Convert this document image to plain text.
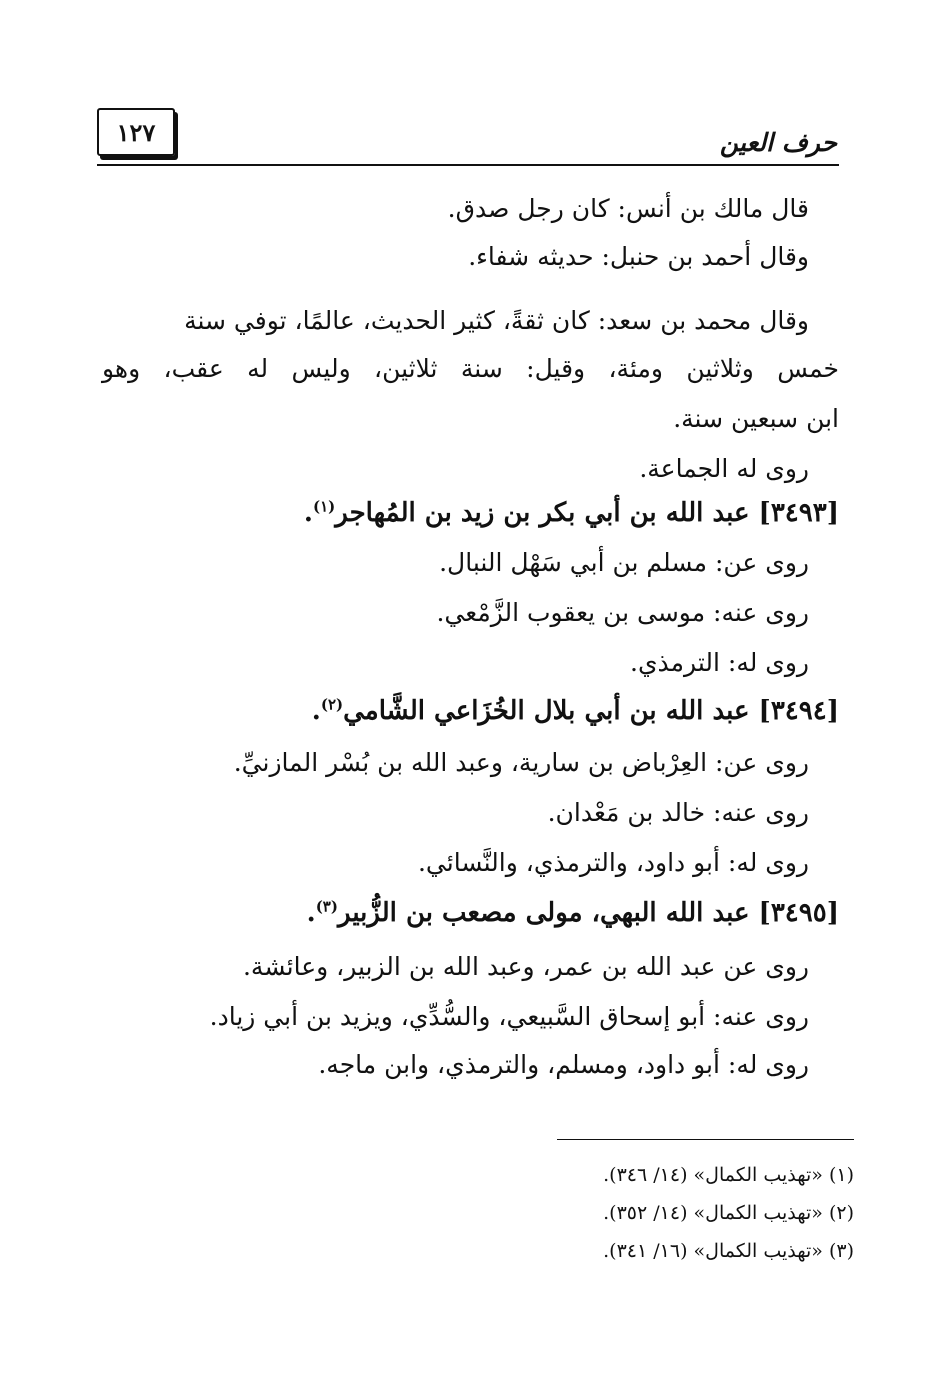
١٢٧	حرف العين
قال مالك بن أنس: كان رجل صدق.
وقال أحمد بن حنبل: حديثه شفاء.
وقال محمد بن سعد: كان ثقةً، كثير الحديث، عالمًا، توفي سنة
خمس وثلاثين ومئة، وقيل: سنة ثلاثين، وليس له عقب، وهو
ابن سبعين سنة.
روى له الجماعة.
[٣٤٩٣] عبد الله بن أبي بكر بن زيد بن المُهاجر$^{(١)}$.
روى عن: مسلم بن أبي سَهْل النبال.
روى عنه: موسى بن يعقوب الزَّمْعي.
روى له: الترمذي.
[٣٤٩٤] عبد الله بن أبي بلال الخُزَاعي الشَّامي$^{(٢)}$.
روى عن: العِرْباض بن سارية، وعبد الله بن بُسْر المازنيِّ.
روى عنه: خالد بن مَعْدان.
روى له: أبو داود، والترمذي، والنَّسائي.
[٣٤٩٥] عبد الله البهي، مولى مصعب بن الزُّبير$^{(٣)}$.
روى عن عبد الله بن عمر، وعبد الله بن الزبير، وعائشة.
روى عنه: أبو إسحاق السَّبيعي، والسُّدِّي، ويزيد بن أبي زياد.
روى له: أبو داود، ومسلم، والترمذي، وابن ماجه.
(١) «تهذيب الكمال» (١٤/ ٣٤٦).
(٢) «تهذيب الكمال» (١٤/ ٣٥٢).
(٣) «تهذيب الكمال» (١٦/ ٣٤١).
